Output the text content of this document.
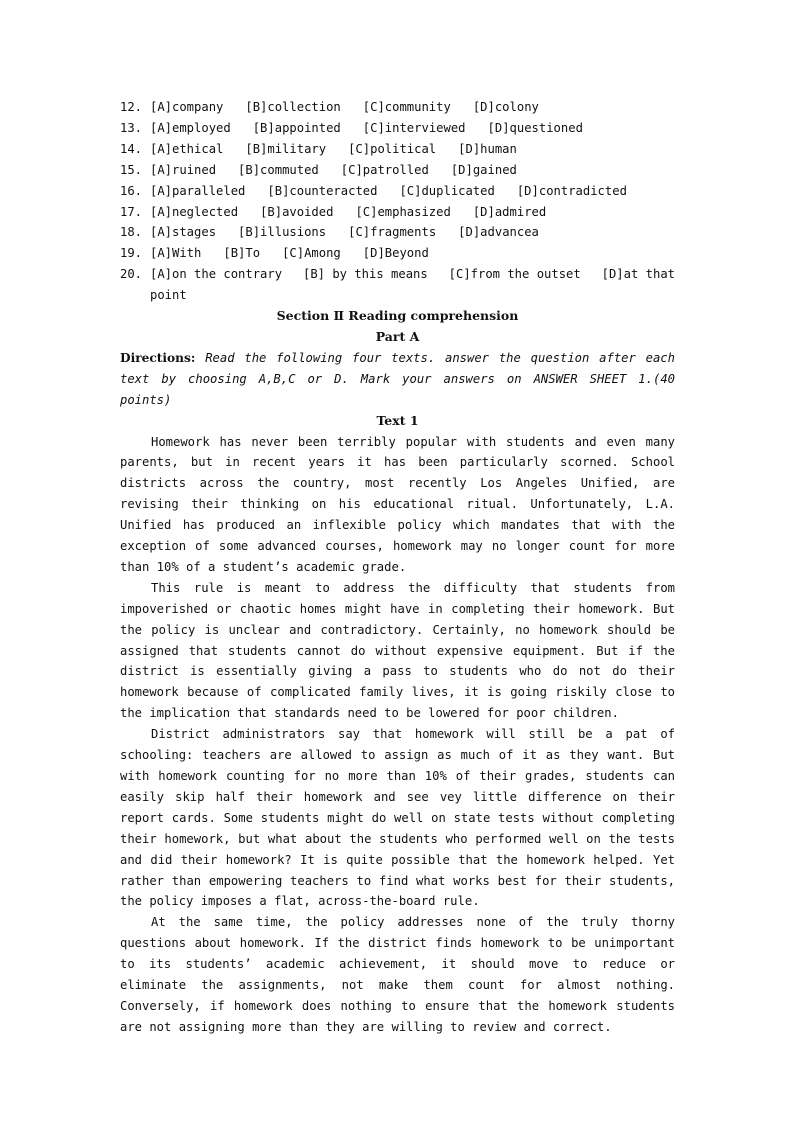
12. [A]company [B]collection [C]community [D]colony
13. [A]employed [B]appointed [C]interviewed [D]questioned
14. [A]ethical [B]military [C]political [D]human
15. [A]ruined [B]commuted [C]patrolled [D]gained
16. [A]paralleled [B]counteracted [C]duplicated [D]contradicted
17. [A]neglected [B]avoided [C]emphasized [D]admired
18. [A]stages [B]illusions [C]fragments [D]advancea
19. [A]With [B]To [C]Among [D]Beyond
20. [A]on the contrary [B] by this means [C]from the outset [D]at that
point
Section Ⅱ Reading comprehension
Part A
Directions: Read the following four texts. answer the question after each text by choosing A,B,C or D. Mark your answers on ANSWER SHEET 1.(40 points)
Text 1

Homework has never been terribly popular with students and even many parents, but in recent years it has been particularly scorned. School districts across the country, most recently Los Angeles Unified, are revising their thinking on his educational ritual. Unfortunately, L.A. Unified has produced an inflexible policy which mandates that with the exception of some advanced courses, homework may no longer count for more than 10% of a student’s academic grade.

This rule is meant to address the difficulty that students from impoverished or chaotic homes might have in completing their homework. But the policy is unclear and contradictory. Certainly, no homework should be assigned that students cannot do without expensive equipment. But if the district is essentially giving a pass to students who do not do their homework because of complicated family lives, it is going riskily close to the implication that standards need to be lowered for poor children.

District administrators say that homework will still be a pat of schooling: teachers are allowed to assign as much of it as they want. But with homework counting for no more than 10% of their grades, students can easily skip half their homework and see vey little difference on their report cards. Some students might do well on state tests without completing their homework, but what about the students who performed well on the tests and did their homework? It is quite possible that the homework helped. Yet rather than empowering teachers to find what works best for their students, the policy imposes a flat, across-the-board rule.

At the same time, the policy addresses none of the truly thorny questions about homework. If the district finds homework to be unimportant to its students’ academic achievement, it should move to reduce or eliminate the assignments, not make them count for almost nothing. Conversely, if homework does nothing to ensure that the homework students are not assigning more than they are willing to review and correct.
